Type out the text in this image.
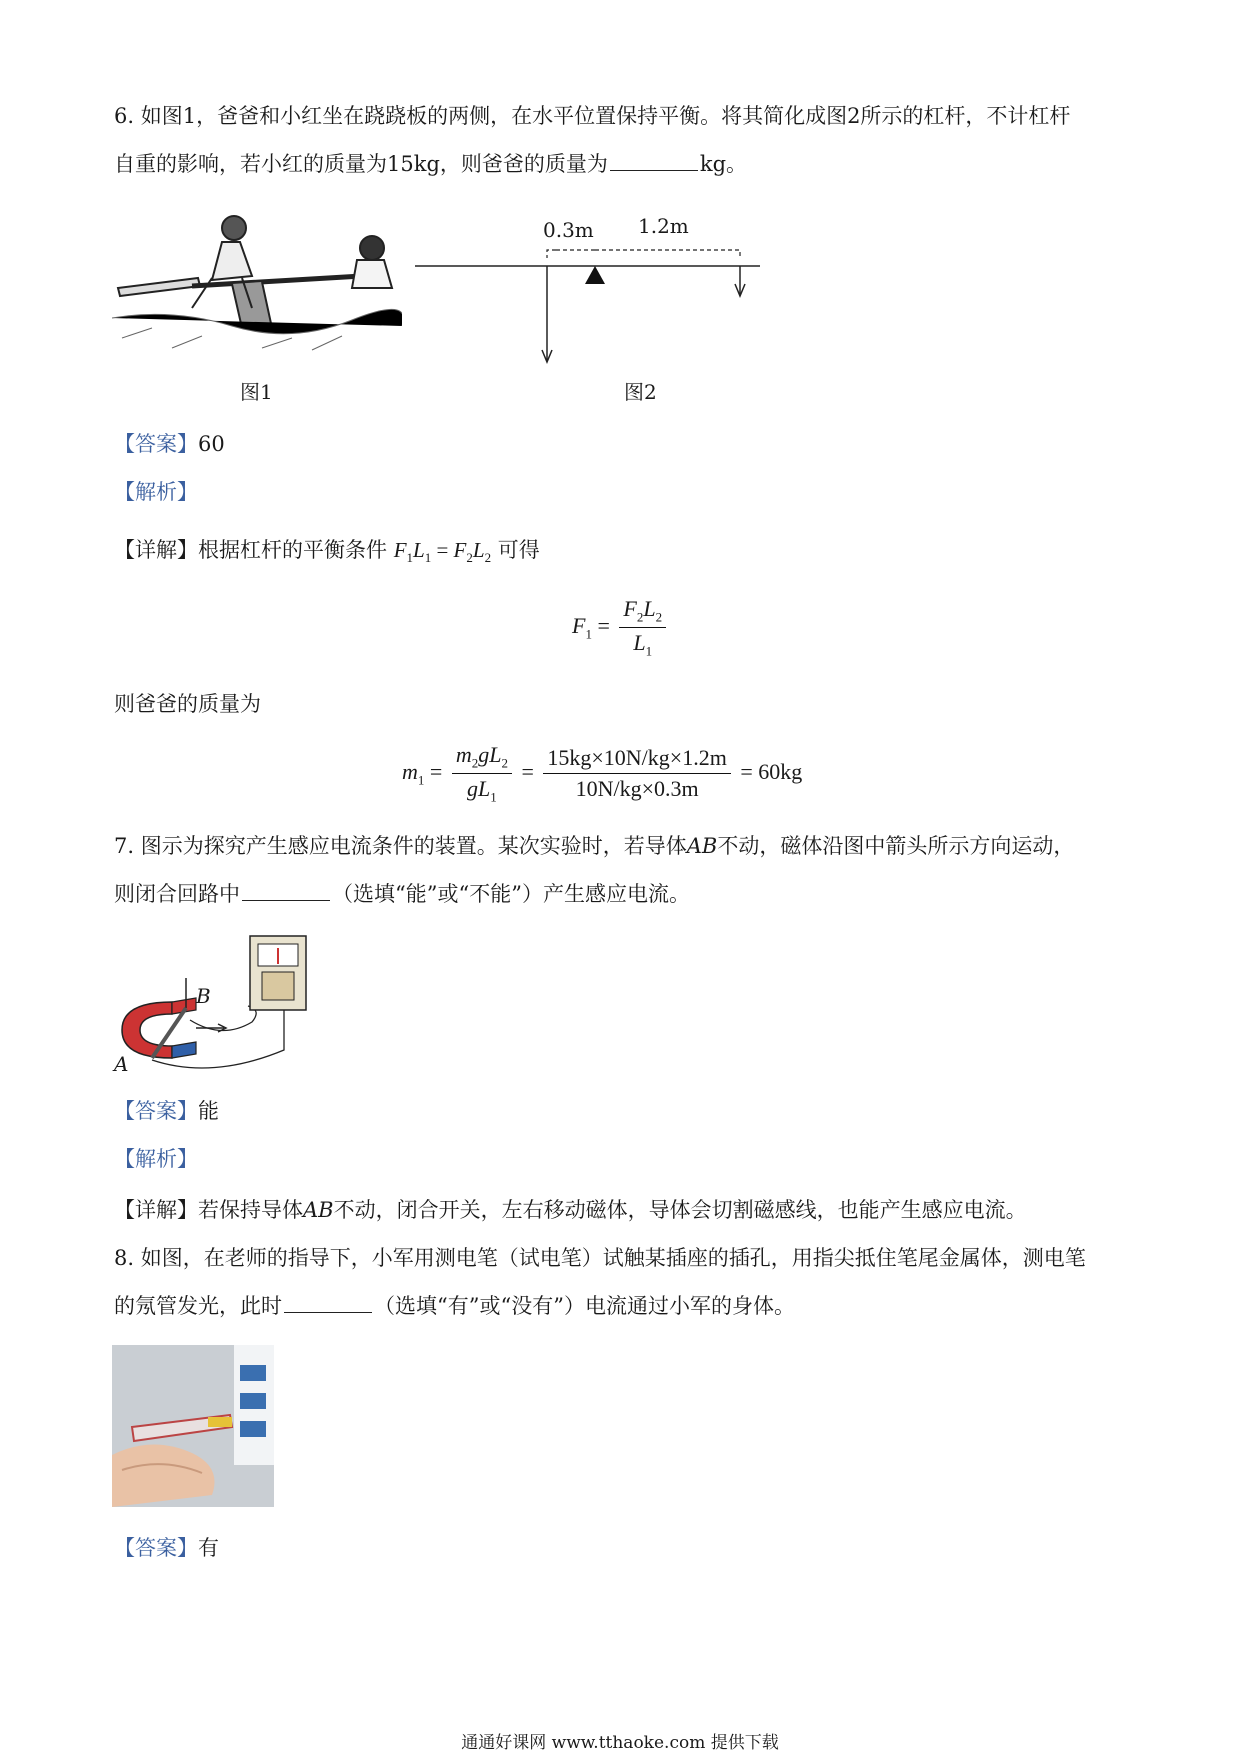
6. 如图1，爸爸和小红坐在跷跷板的两侧，在水平位置保持平衡。将其简化成图2所示的杠杆，不计杠杆
自重的影响，若小红的质量为15kg，则爸爸的质量为	kg。
图1
0.3m 1.2m
图2
【答案】60
【解析】
【详解】根据杠杆的平衡条件 $F_1L_1 = F_2L_2$ 可得
$F_1 = \frac{F_2L_2}{L_1}$
则爸爸的质量为
$m_1 = \frac{m_2gL_2}{gL_1} = \frac{15kg\times 10N/kg\times 1.2m}{10N/kg\times 0.3m} = 60kg$
7. 图示为探究产生感应电流条件的装置。某次实验时，若导体AB不动，磁体沿图中箭头所示方向运动，
则闭合回路中	（选填“能”或“不能”）产生感应电流。
B
A
【答案】能
【解析】
【详解】若保持导体AB不动，闭合开关，左右移动磁体，导体会切割磁感线，也能产生感应电流。
8. 如图，在老师的指导下，小军用测电笔（试电笔）试触某插座的插孔，用指尖抵住笔尾金属体，测电笔
的氖管发光，此时	（选填“有”或“没有”）电流通过小军的身体。
【答案】有
通通好课网 www.tthaoke.com 提供下载
